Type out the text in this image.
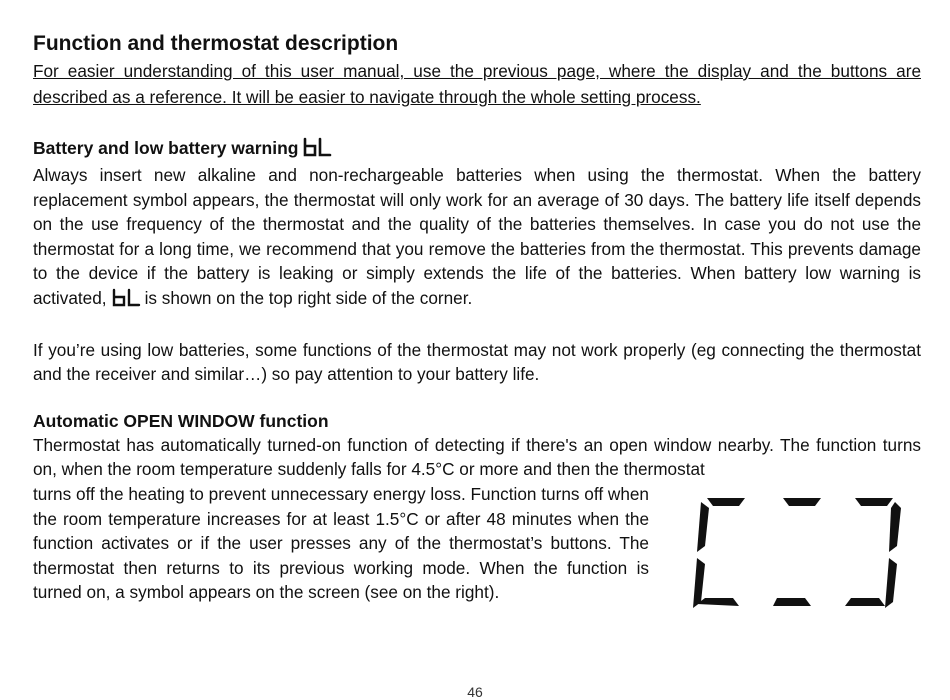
Function and thermostat description

For easier understanding of this user manual, use the previous page, where the display and the buttons are described as a reference. It will be easier to navigate through the whole setting process.

Battery and low battery warning

Always insert new alkaline and non-rechargeable batteries when using the thermostat. When the battery replacement symbol appears, the thermostat will only work for an average of 30 days. The battery life itself depends on the use frequency of the thermostat and the quality of the batteries themselves. In case you do not use the thermostat for a long time, we recommend that you remove the batteries from the thermostat. This prevents damage to the device if the battery is leaking or simply extends the life of the batteries. When battery low warning is activated, is shown on the top right side of the corner.

If you’re using low batteries, some functions of the thermostat may not work properly (eg connecting the thermostat and the receiver and similar…) so pay attention to your battery life.

Automatic OPEN WINDOW function

Thermostat has automatically turned-on function of detecting if there's an open window nearby. The function turns on, when the room temperature suddenly falls for 4.5°C or more and then the thermostat

turns off the heating to prevent unnecessary energy loss. Function turns off when the room temperature increases for at least 1.5°C or after 48 minutes when the function activates or if the user presses any of the thermostat’s buttons. The thermostat then returns to its previous working mode. When the function is turned on, a symbol appears on the screen (see on the right).

46
